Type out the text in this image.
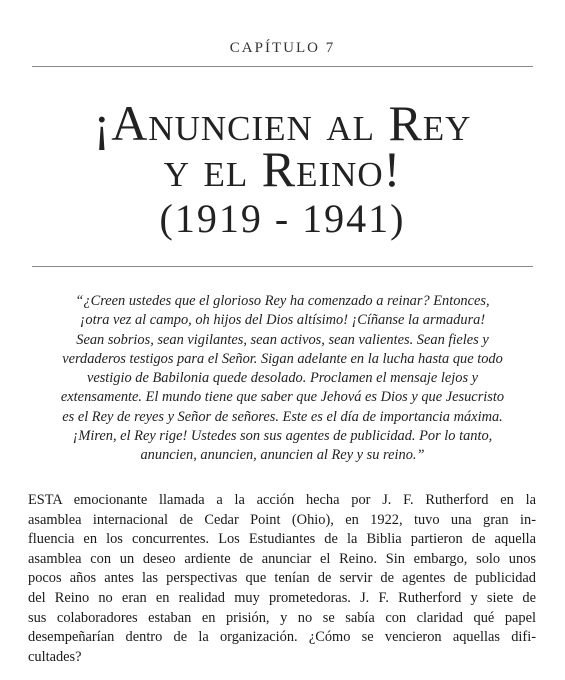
CAPÍTULO 7
¡Anuncien al Rey
y el Reino!
(1919 - 1941)
“¿Creen ustedes que el glorioso Rey ha comenzado a reinar? Entonces,
¡otra vez al campo, oh hijos del Dios altísimo! ¡Cíñanse la armadura!
Sean sobrios, sean vigilantes, sean activos, sean valientes. Sean fieles y
verdaderos testigos para el Señor. Sigan adelante en la lucha hasta que todo
vestigio de Babilonia quede desolado. Proclamen el mensaje lejos y
extensamente. El mundo tiene que saber que Jehová es Dios y que Jesucristo
es el Rey de reyes y Señor de señores. Este es el día de importancia máxima.
¡Miren, el Rey rige! Ustedes son sus agentes de publicidad. Por lo tanto,
anuncien, anuncien, anuncien al Rey y su reino.”
ESTA emocionante llamada a la acción hecha por J. F. Rutherford en la
asamblea internacional de Cedar Point (Ohio), en 1922, tuvo una gran in-
fluencia en los concurrentes. Los Estudiantes de la Biblia partieron de aquella
asamblea con un deseo ardiente de anunciar el Reino. Sin embargo, solo unos
pocos años antes las perspectivas que tenían de servir de agentes de publicidad
del Reino no eran en realidad muy prometedoras. J. F. Rutherford y siete de
sus colaboradores estaban en prisión, y no se sabía con claridad qué papel
desempeñarían dentro de la organización. ¿Cómo se vencieron aquellas difi-
cultades?
